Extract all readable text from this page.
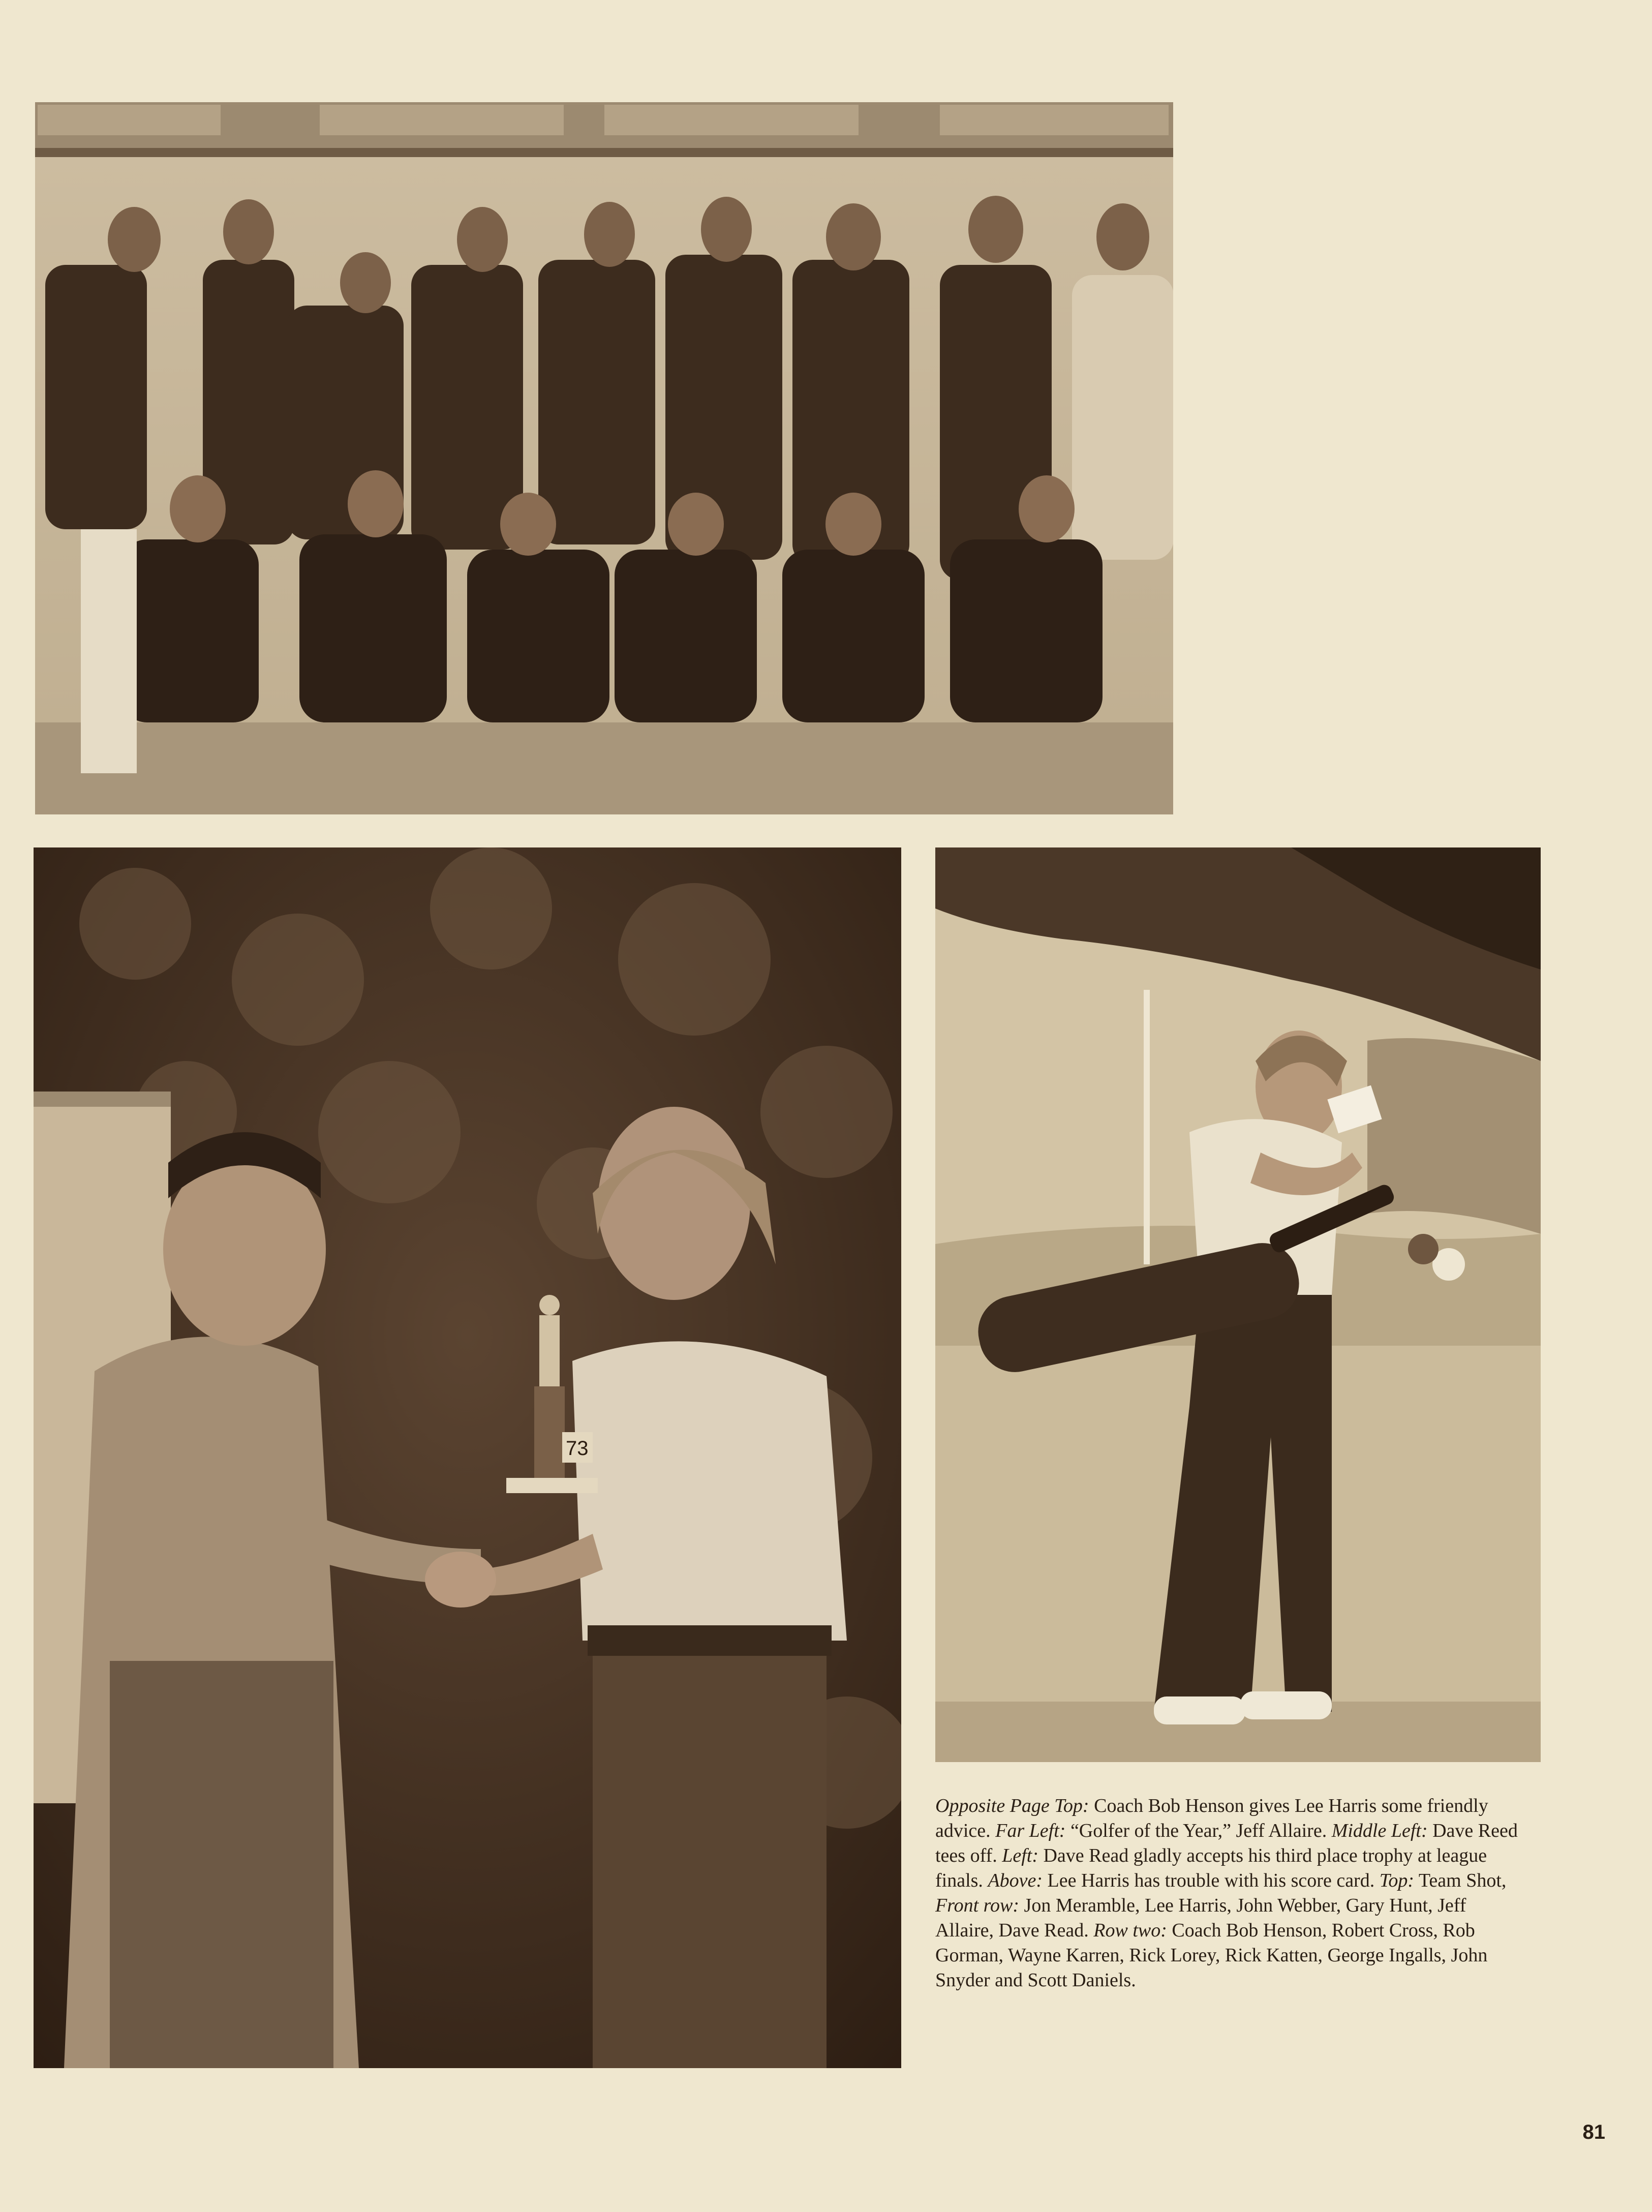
73

Opposite Page Top: Coach Bob Henson gives Lee Harris some friendly advice. Far Left: “Golfer of the Year,” Jeff Allaire. Middle Left: Dave Reed tees off. Left: Dave Read gladly accepts his third place trophy at league finals. Above: Lee Harris has trouble with his score card. Top: Team Shot, Front row: Jon Meramble, Lee Harris, John Webber, Gary Hunt, Jeff Allaire, Dave Read. Row two: Coach Bob Henson, Robert Cross, Rob Gorman, Wayne Karren, Rick Lorey, Rick Katten, George Ingalls, John Snyder and Scott Daniels.

81
